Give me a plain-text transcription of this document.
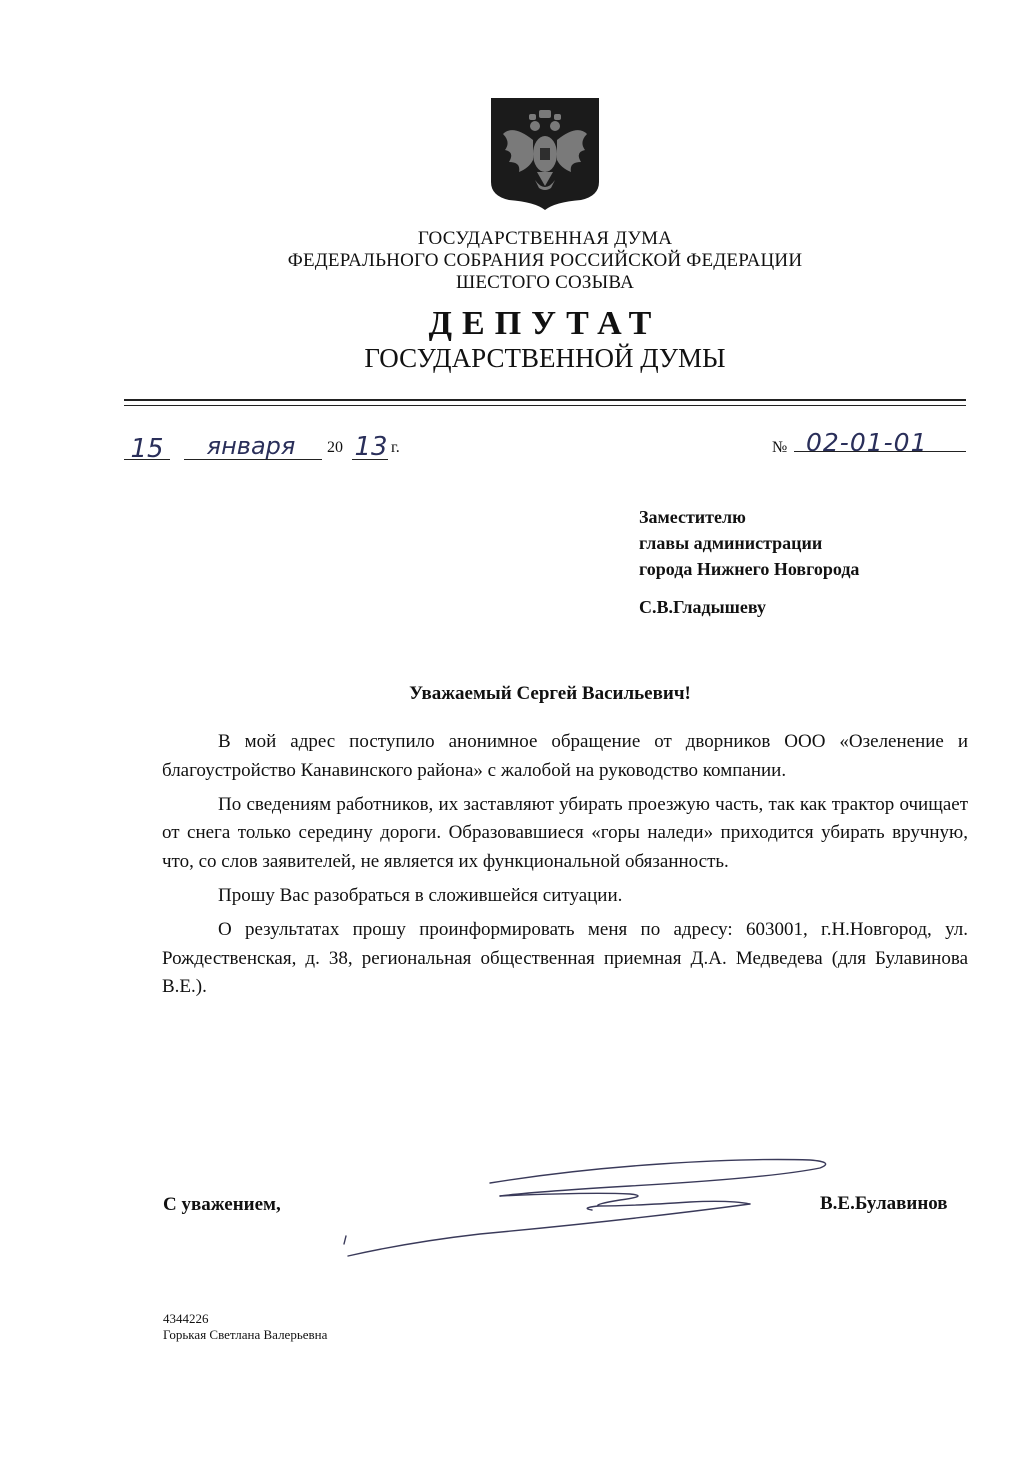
ГОСУДАРСТВЕННАЯ ДУМА
ФЕДЕРАЛЬНОГО СОБРАНИЯ РОССИЙСКОЙ ФЕДЕРАЦИИ
ШЕСТОГО СОЗЫВА
ДЕПУТАТ
ГОСУДАРСТВЕННОЙ ДУМЫ
15	января	20 13 г.	№ 02-01-01
Заместителю
главы администрации
города Нижнего Новгорода
С.В.Гладышеву
Уважаемый Сергей Васильевич!

В мой адрес поступило анонимное обращение от дворников ООО «Озеленение и благоустройство Канавинского района» с жалобой на руководство компании.

По сведениям работников, их заставляют убирать проезжую часть, так как трактор очищает от снега только середину дороги. Образовавшиеся «горы наледи» приходится убирать вручную, что, со слов заявителей, не является их функциональной обязанность.

Прошу Вас разобраться в сложившейся ситуации.

О результатах прошу проинформировать меня по адресу: 603001, г.Н.Новгород, ул. Рождественская, д. 38, региональная общественная приемная Д.А. Медведева (для Булавинова В.Е.).

С уважением,	В.Е.Булавинов
4344226
Горькая Светлана Валерьевна
